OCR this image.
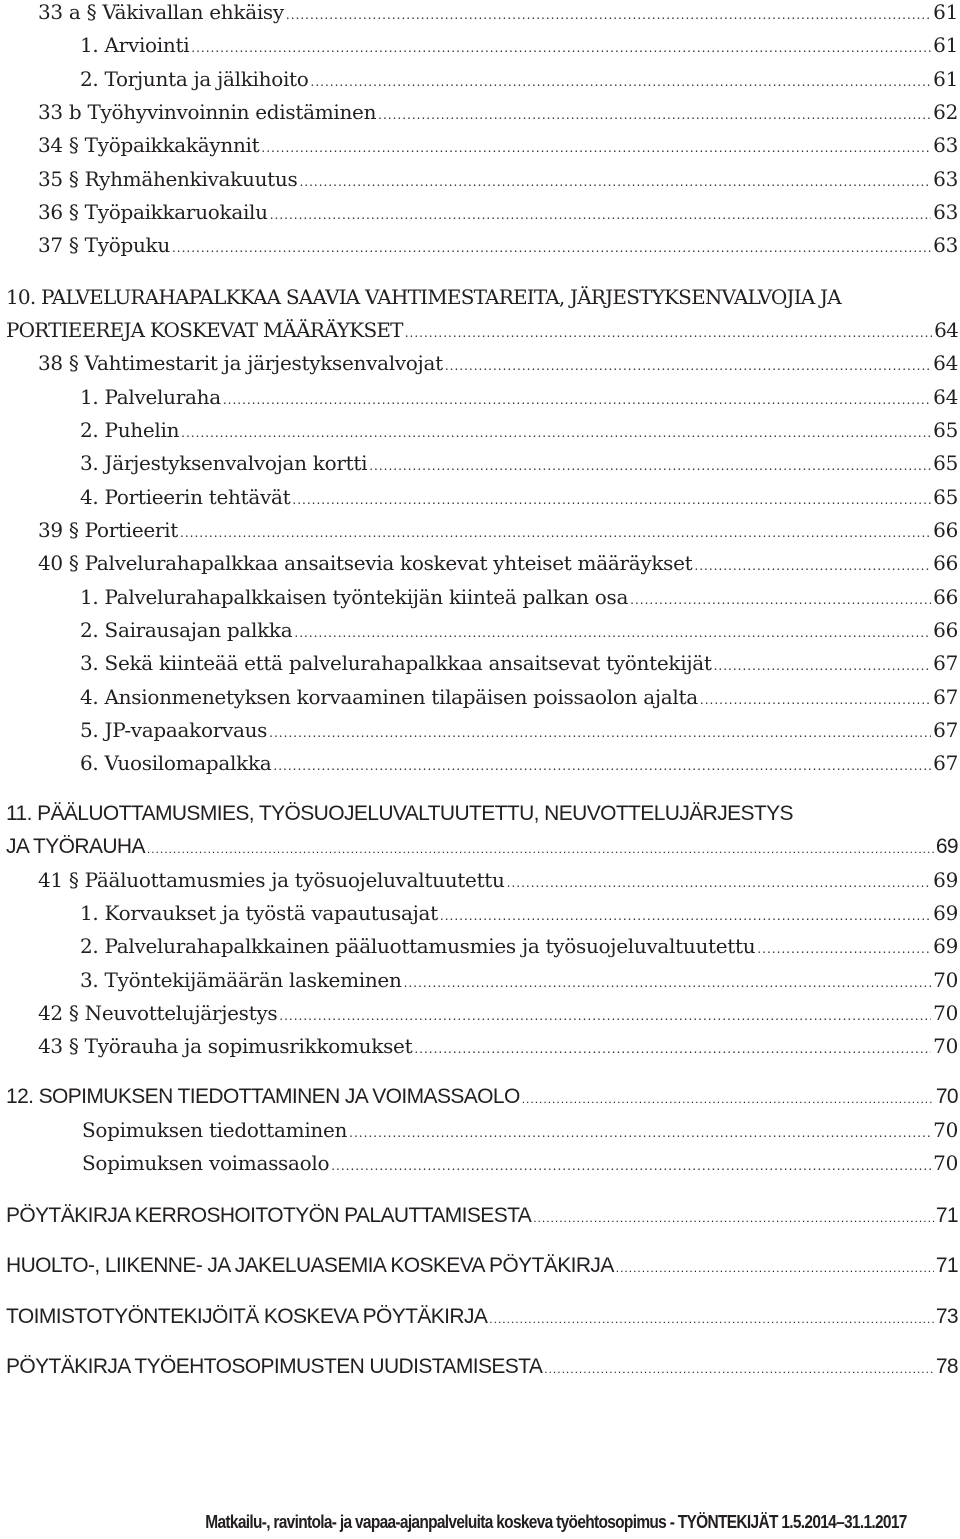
33 a § Väkivallan ehkäisy .....	61
1. Arviointi .....	61
2. Torjunta ja jälkihoito .....	61
33 b Työhyvinvoinnin edistäminen .....	62
34 § Työpaikkakäynnit .....	63
35 § Ryhmähenkivakuutus .....	63
36 § Työpaikkaruokailu .....	63
37 § Työpuku .....	63
10. PALVELURAHAPALKKAA SAAVIA VAHTIMESTAREITA, JÄRJESTYKSENVALVOJIA JA
PORTIEEREJA KOSKEVAT MÄÄRÄYKSET .....	64
38 § Vahtimestarit ja järjestyksenvalvojat .....	64
1. Palveluraha .....	64
2. Puhelin .....	65
3. Järjestyksenvalvojan kortti .....	65
4. Portieerin tehtävät .....	65
39 § Portieerit .....	66
40 § Palvelurahapalkkaa ansaitsevia koskevat yhteiset määräykset .....	66
1. Palvelurahapalkkaisen työntekijän kiinteä palkan osa .....	66
2. Sairausajan palkka .....	66
3. Sekä kiinteää että palvelurahapalkkaa ansaitsevat työntekijät .....	67
4. Ansionmenetyksen korvaaminen tilapäisen poissaolon ajalta .....	67
5. JP-vapaakorvaus .....	67
6. Vuosilomapalkka .....	67
11. PÄÄLUOTTAMUSMIES, TYÖSUOJELUVALTUUTETTU, NEUVOTTELUJÄRJESTYS
JA TYÖRAUHA .....	69
41 § Pääluottamusmies ja työsuojeluvaltuutettu .....	69
1. Korvaukset ja työstä vapautusajat .....	69
2. Palvelurahapalkkainen pääluottamusmies ja työsuojeluvaltuutettu .....	69
3. Työntekijämäärän laskeminen .....	70
42 § Neuvottelujärjestys .....	70
43 § Työrauha ja sopimusrikkomukset .....	70
12. SOPIMUKSEN TIEDOTTAMINEN JA VOIMASSAOLO .....	70
Sopimuksen tiedottaminen .....	70
Sopimuksen voimassaolo .....	70
PÖYTÄKIRJA KERROSHOITOTYÖN PALAUTTAMISESTA .....	71
HUOLTO-, LIIKENNE- JA JAKELUASEMIA KOSKEVA PÖYTÄKIRJA .....	71
TOIMISTOTYÖNTEKIJÖITÄ KOSKEVA PÖYTÄKIRJA .....	73
PÖYTÄKIRJA TYÖEHTOSOPIMUSTEN UUDISTAMISESTA .....	78
Matkailu-, ravintola- ja vapaa-ajanpalveluita koskeva työehtosopimus - TYÖNTEKIJÄT 1.5.2014–31.1.2017
